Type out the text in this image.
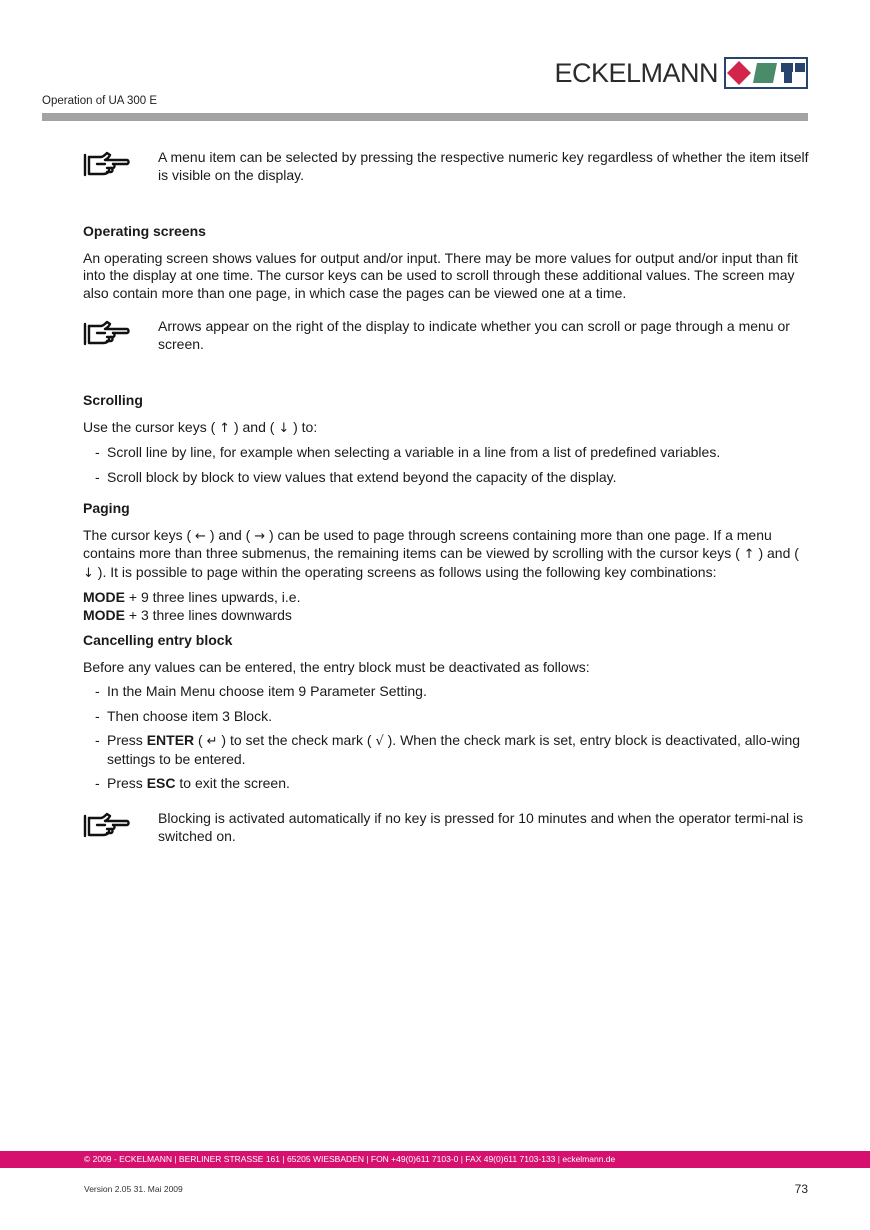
ECKELMANN
Operation of UA 300 E
A menu item can be selected by pressing the respective numeric key regardless of whether the item itself is visible on the display.
Operating screens
An operating screen shows values for output and/or input. There may be more values for output and/or input than fit into the display at one time. The cursor keys can be used to scroll through these additional values. The screen may also contain more than one page, in which case the pages can be viewed one at a time.
Arrows appear on the right of the display to indicate whether you can scroll or page through a menu or screen.
Scrolling
Use the cursor keys ( ↑ ) and ( ↓ ) to:
- Scroll line by line, for example when selecting a variable in a line from a list of predefined variables.
- Scroll block by block to view values that extend beyond the capacity of the display.
Paging
The cursor keys ( ← ) and ( → ) can be used to page through screens containing more than one page. If a menu contains more than three submenus, the remaining items can be viewed by scrolling with the cursor keys ( ↑ ) and ( ↓ ). It is possible to page within the operating screens as follows using the following key combinations:
MODE + 9 three lines upwards, i.e.
MODE + 3 three lines downwards
Cancelling entry block
Before any values can be entered, the entry block must be deactivated as follows:
- In the Main Menu choose item 9 Parameter Setting.
- Then choose item 3 Block.
- Press ENTER ( ↵ ) to set the check mark ( √ ). When the check mark is set, entry block is deactivated, allo-wing settings to be entered.
- Press ESC to exit the screen.
Blocking is activated automatically if no key is pressed for 10 minutes and when the operator termi-nal is switched on.
© 2009 - ECKELMANN | BERLINER STRASSE 161 | 65205 WIESBADEN | FON +49(0)611 7103-0 | FAX 49(0)611 7103-133 | eckelmann.de
Version 2.05 31. Mai 2009	73
